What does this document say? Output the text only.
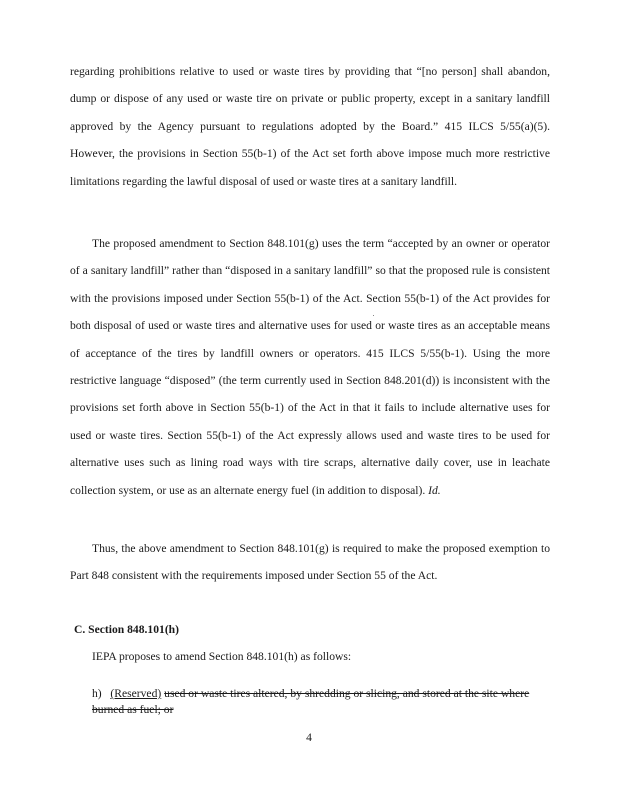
regarding prohibitions relative to used or waste tires by providing that “[no person] shall abandon, dump or dispose of any used or waste tire on private or public property, except in a sanitary landfill approved by the Agency pursuant to regulations adopted by the Board.” 415 ILCS 5/55(a)(5). However, the provisions in Section 55(b-1) of the Act set forth above impose much more restrictive limitations regarding the lawful disposal of used or waste tires at a sanitary landfill.

The proposed amendment to Section 848.101(g) uses the term “accepted by an owner or operator of a sanitary landfill” rather than “disposed in a sanitary landfill” so that the proposed rule is consistent with the provisions imposed under Section 55(b-1) of the Act. Section 55(b-1) of the Act provides for both disposal of used or waste tires and alternative uses for used or waste tires as an acceptable means of acceptance of the tires by landfill owners or operators. 415 ILCS 5/55(b-1). Using the more restrictive language “disposed” (the term currently used in Section 848.201(d)) is inconsistent with the provisions set forth above in Section 55(b-1) of the Act in that it fails to include alternative uses for used or waste tires. Section 55(b-1) of the Act expressly allows used and waste tires to be used for alternative uses such as lining road ways with tire scraps, alternative daily cover, use in leachate collection system, or use as an alternate energy fuel (in addition to disposal). Id.

Thus, the above amendment to Section 848.101(g) is required to make the proposed exemption to Part 848 consistent with the requirements imposed under Section 55 of the Act.

C. Section 848.101(h)

IEPA proposes to amend Section 848.101(h) as follows:

h) (Reserved) used or waste tires altered, by shredding or slicing, and stored at the site where burned as fuel; or

4
